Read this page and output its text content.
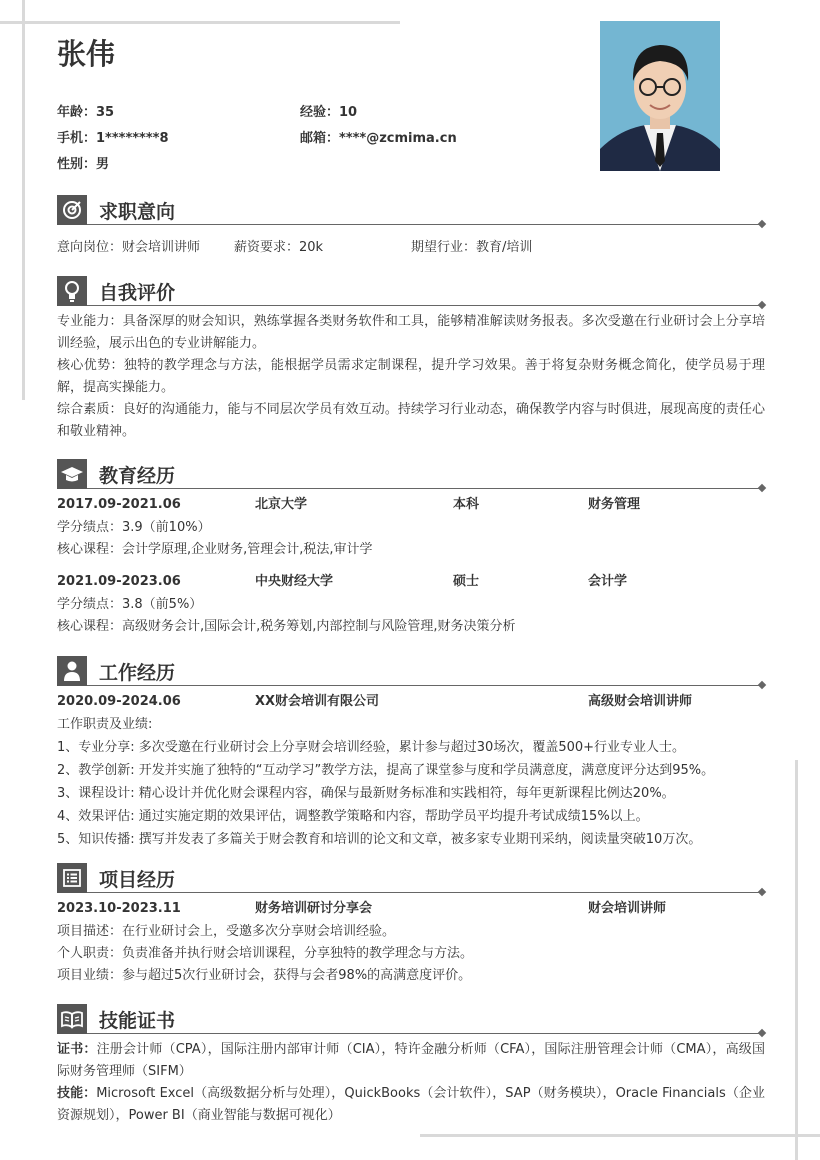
张伟
年龄：35	经验：10
手机：1********8	邮箱：****@zcmima.cn
性别：男
求职意向
意向岗位：财会培训讲师	薪资要求：20k	期望行业：教育/培训
自我评价
专业能力：具备深厚的财会知识，熟练掌握各类财务软件和工具，能够精准解读财务报表。多次受邀在行业研讨会上分享培训经验，展示出色的专业讲解能力。
核心优势：独特的教学理念与方法，能根据学员需求定制课程，提升学习效果。善于将复杂财务概念简化，使学员易于理解，提高实操能力。
综合素质：良好的沟通能力，能与不同层次学员有效互动。持续学习行业动态，确保教学内容与时俱进，展现高度的责任心和敬业精神。
教育经历
2017.09-2021.06	北京大学	本科	财务管理
学分绩点：3.9（前10%）
核心课程：会计学原理,企业财务,管理会计,税法,审计学
2021.09-2023.06	中央财经大学	硕士	会计学
学分绩点：3.8（前5%）
核心课程：高级财务会计,国际会计,税务筹划,内部控制与风险管理,财务决策分析
工作经历
2020.09-2024.06	XX财会培训有限公司	高级财会培训讲师
工作职责及业绩:
1、专业分享: 多次受邀在行业研讨会上分享财会培训经验，累计参与超过30场次，覆盖500+行业专业人士。
2、教学创新: 开发并实施了独特的“互动学习”教学方法，提高了课堂参与度和学员满意度，满意度评分达到95%。
3、课程设计: 精心设计并优化财会课程内容，确保与最新财务标准和实践相符，每年更新课程比例达20%。
4、效果评估: 通过实施定期的效果评估，调整教学策略和内容，帮助学员平均提升考试成绩15%以上。
5、知识传播: 撰写并发表了多篇关于财会教育和培训的论文和文章，被多家专业期刊采纳，阅读量突破10万次。
项目经历
2023.10-2023.11	财务培训研讨分享会	财会培训讲师
项目描述：在行业研讨会上，受邀多次分享财会培训经验。
个人职责：负责准备并执行财会培训课程，分享独特的教学理念与方法。
项目业绩：参与超过5次行业研讨会，获得与会者98%的高满意度评价。
技能证书
证书：注册会计师（CPA），国际注册内部审计师（CIA），特许金融分析师（CFA），国际注册管理会计师（CMA），高级国际财务管理师（SIFM）
技能：Microsoft Excel（高级数据分析与处理），QuickBooks（会计软件），SAP（财务模块），Oracle Financials（企业资源规划），Power BI（商业智能与数据可视化）
